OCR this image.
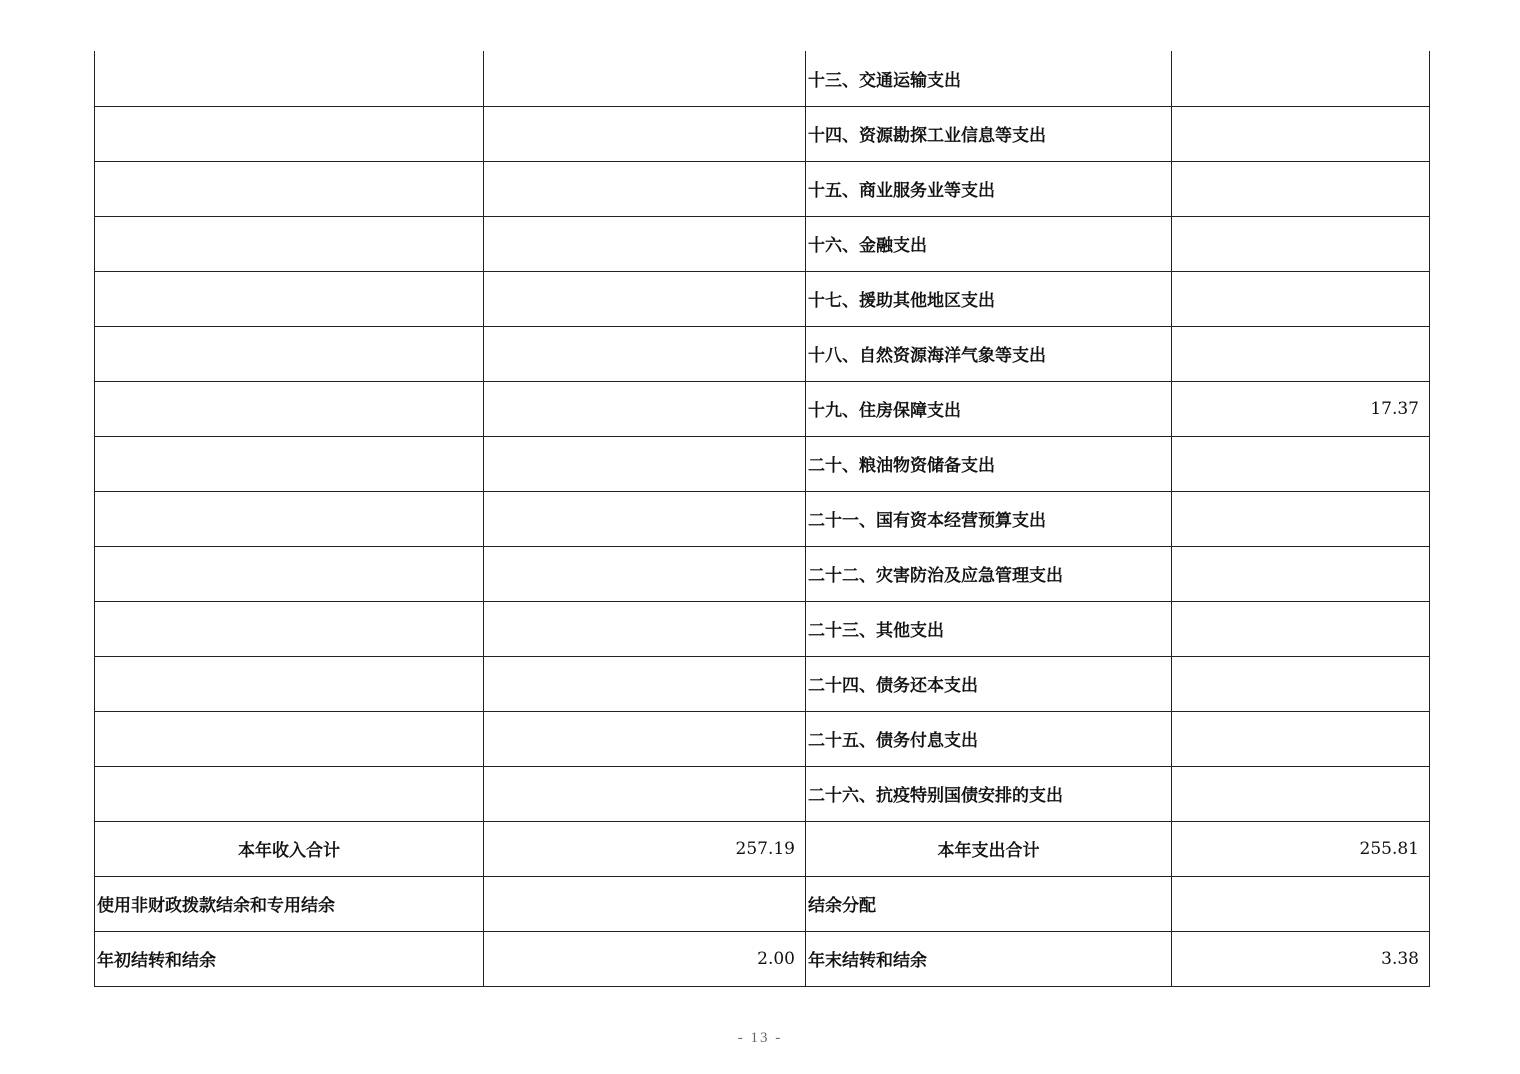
		十三、交通运输支出	
		十四、资源勘探工业信息等支出	
		十五、商业服务业等支出	
		十六、金融支出	
		十七、援助其他地区支出	
		十八、自然资源海洋气象等支出	
		十九、住房保障支出	17.37
		二十、粮油物资储备支出	
		二十一、国有资本经营预算支出	
		二十二、灾害防治及应急管理支出	
		二十三、其他支出	
		二十四、债务还本支出	
		二十五、债务付息支出	
		二十六、抗疫特别国债安排的支出	
本年收入合计	257.19	本年支出合计	255.81
使用非财政拨款结余和专用结余		结余分配	
年初结转和结余	2.00	年末结转和结余	3.38
- 13 -
